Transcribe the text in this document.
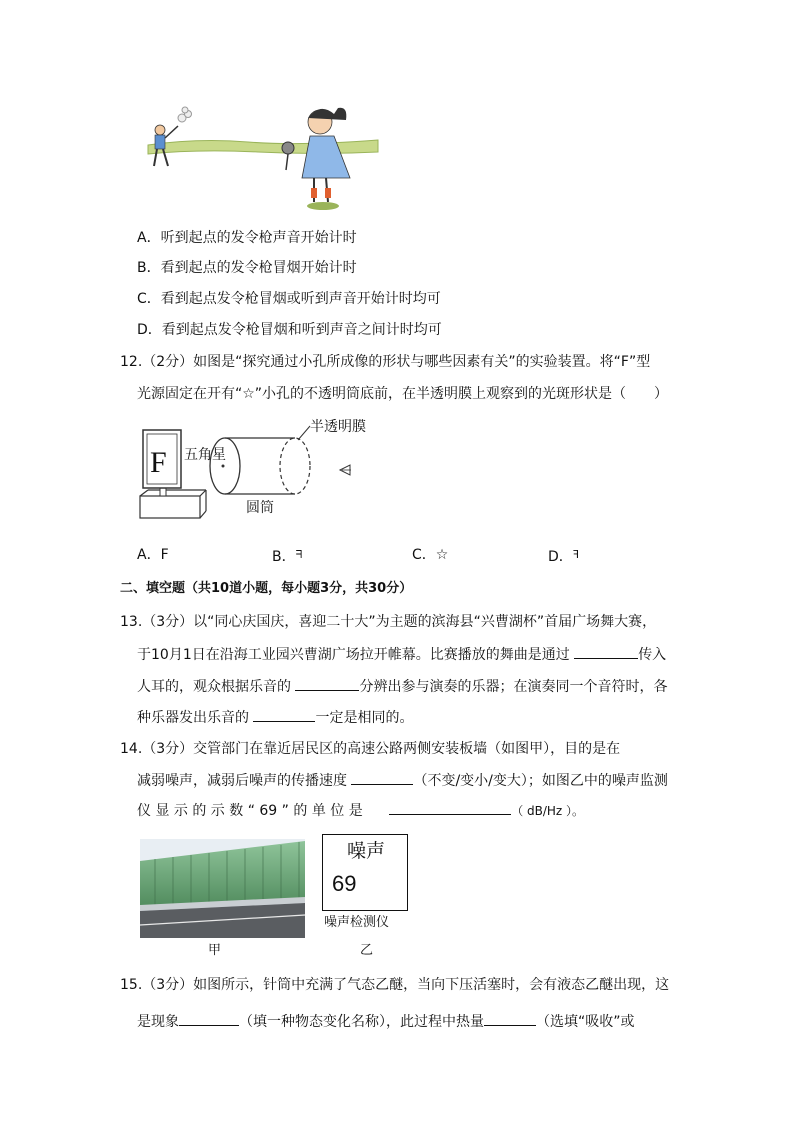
A．听到起点的发令枪声音开始计时
B．看到起点的发令枪冒烟开始计时
C．看到起点发令枪冒烟或听到声音开始计时均可
D．看到起点发令枪冒烟和听到声音之间计时均可
12.（2分）如图是“探究通过小孔所成像的形状与哪些因素有关”的实验装置。将“F”型
光源固定在开有“☆”小孔的不透明筒底前，在半透明膜上观察到的光斑形状是（　　）
F 五角星
半透明膜
圆筒
A．F	B．$^ᖷ$	C．☆	D．$^ꟻ$
二、填空题（共10道小题，每小题3分，共30分）
13.（3分）以“同心庆国庆，喜迎二十大”为主题的滨海县“兴曹湖杯”首届广场舞大赛，
于10月1日在沿海工业园兴曹湖广场拉开帷幕。比赛播放的舞曲是通过	传入
人耳的，观众根据乐音的	分辨出参与演奏的乐器；在演奏同一个音符时，各
种乐器发出乐音的	一定是相同的。
14.（3分）交管部门在靠近居民区的高速公路两侧安装板墙（如图甲），目的是在
减弱噪声，减弱后噪声的传播速度	（不变/变小/变大）；如图乙中的噪声监测
仪 显 示 的 示 数 “ 69 ” 的 单 位 是	（ dB/Hz ）。
甲
噪声
69
噪声检测仪
乙
15.（3分）如图所示，针筒中充满了气态乙醚，当向下压活塞时，会有液态乙醚出现，这
是现象	（填一种物态变化名称），此过程中热量	（选填“吸收”或
